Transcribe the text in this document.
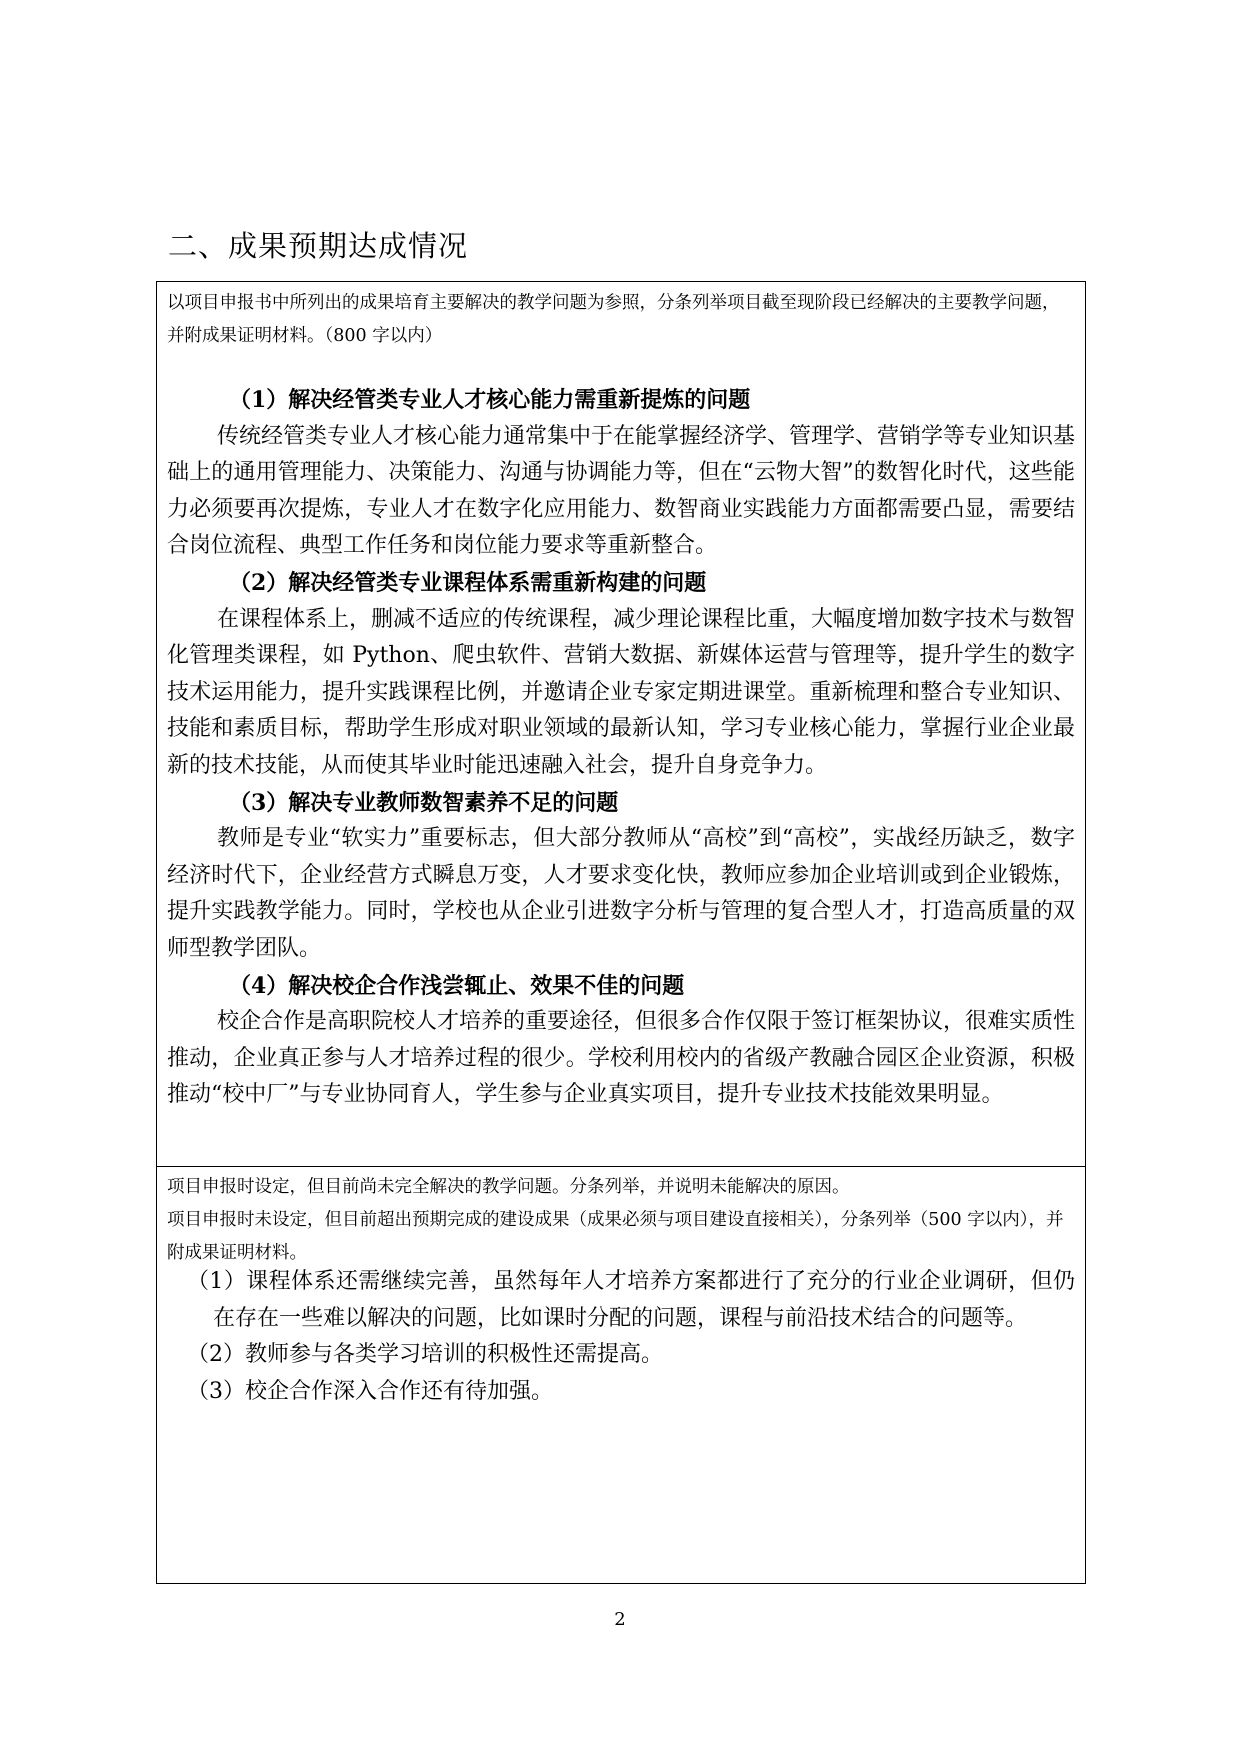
二、成果预期达成情况

以项目申报书中所列出的成果培育主要解决的教学问题为参照，分条列举项目截至现阶段已经解决的主要教学问题，并附成果证明材料。（800 字以内）

（1）解决经管类专业人才核心能力需重新提炼的问题

传统经管类专业人才核心能力通常集中于在能掌握经济学、管理学、营销学等专业知识基础上的通用管理能力、决策能力、沟通与协调能力等，但在“云物大智”的数智化时代，这些能力必须要再次提炼，专业人才在数字化应用能力、数智商业实践能力方面都需要凸显，需要结合岗位流程、典型工作任务和岗位能力要求等重新整合。

（2）解决经管类专业课程体系需重新构建的问题

在课程体系上，删减不适应的传统课程，减少理论课程比重，大幅度增加数字技术与数智化管理类课程，如 Python、爬虫软件、营销大数据、新媒体运营与管理等，提升学生的数字技术运用能力，提升实践课程比例，并邀请企业专家定期进课堂。重新梳理和整合专业知识、技能和素质目标，帮助学生形成对职业领域的最新认知，学习专业核心能力，掌握行业企业最新的技术技能，从而使其毕业时能迅速融入社会，提升自身竞争力。

（3）解决专业教师数智素养不足的问题

教师是专业“软实力”重要标志，但大部分教师从“高校”到“高校”，实战经历缺乏，数字经济时代下，企业经营方式瞬息万变，人才要求变化快，教师应参加企业培训或到企业锻炼，提升实践教学能力。同时，学校也从企业引进数字分析与管理的复合型人才，打造高质量的双师型教学团队。

（4）解决校企合作浅尝辄止、效果不佳的问题

校企合作是高职院校人才培养的重要途径，但很多合作仅限于签订框架协议，很难实质性推动，企业真正参与人才培养过程的很少。学校利用校内的省级产教融合园区企业资源，积极推动“校中厂”与专业协同育人，学生参与企业真实项目，提升专业技术技能效果明显。

项目申报时设定，但目前尚未完全解决的教学问题。分条列举，并说明未能解决的原因。
项目申报时未设定，但目前超出预期完成的建设成果（成果必须与项目建设直接相关），分条列举（500 字以内），并附成果证明材料。

（1）课程体系还需继续完善，虽然每年人才培养方案都进行了充分的行业企业调研，但仍在存在一些难以解决的问题，比如课时分配的问题，课程与前沿技术结合的问题等。

（2）教师参与各类学习培训的积极性还需提高。

（3）校企合作深入合作还有待加强。

2
